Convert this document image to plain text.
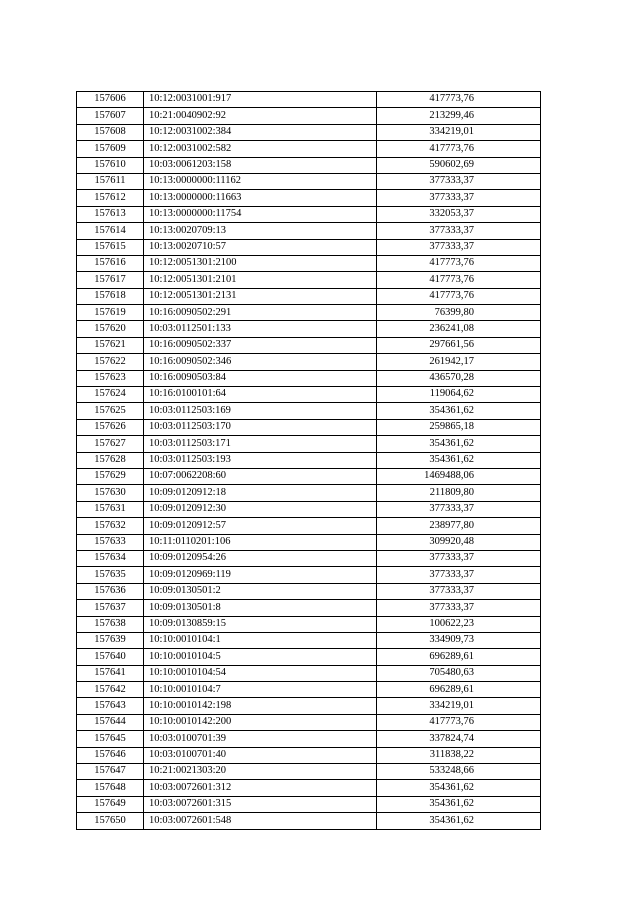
157606	10:12:0031001:917	417773,76
157607	10:21:0040902:92	213299,46
157608	10:12:0031002:384	334219,01
157609	10:12:0031002:582	417773,76
157610	10:03:0061203:158	590602,69
157611	10:13:0000000:11162	377333,37
157612	10:13:0000000:11663	377333,37
157613	10:13:0000000:11754	332053,37
157614	10:13:0020709:13	377333,37
157615	10:13:0020710:57	377333,37
157616	10:12:0051301:2100	417773,76
157617	10:12:0051301:2101	417773,76
157618	10:12:0051301:2131	417773,76
157619	10:16:0090502:291	76399,80
157620	10:03:0112501:133	236241,08
157621	10:16:0090502:337	297661,56
157622	10:16:0090502:346	261942,17
157623	10:16:0090503:84	436570,28
157624	10:16:0100101:64	119064,62
157625	10:03:0112503:169	354361,62
157626	10:03:0112503:170	259865,18
157627	10:03:0112503:171	354361,62
157628	10:03:0112503:193	354361,62
157629	10:07:0062208:60	1469488,06
157630	10:09:0120912:18	211809,80
157631	10:09:0120912:30	377333,37
157632	10:09:0120912:57	238977,80
157633	10:11:0110201:106	309920,48
157634	10:09:0120954:26	377333,37
157635	10:09:0120969:119	377333,37
157636	10:09:0130501:2	377333,37
157637	10:09:0130501:8	377333,37
157638	10:09:0130859:15	100622,23
157639	10:10:0010104:1	334909,73
157640	10:10:0010104:5	696289,61
157641	10:10:0010104:54	705480,63
157642	10:10:0010104:7	696289,61
157643	10:10:0010142:198	334219,01
157644	10:10:0010142:200	417773,76
157645	10:03:0100701:39	337824,74
157646	10:03:0100701:40	311838,22
157647	10:21:0021303:20	533248,66
157648	10:03:0072601:312	354361,62
157649	10:03:0072601:315	354361,62
157650	10:03:0072601:548	354361,62
